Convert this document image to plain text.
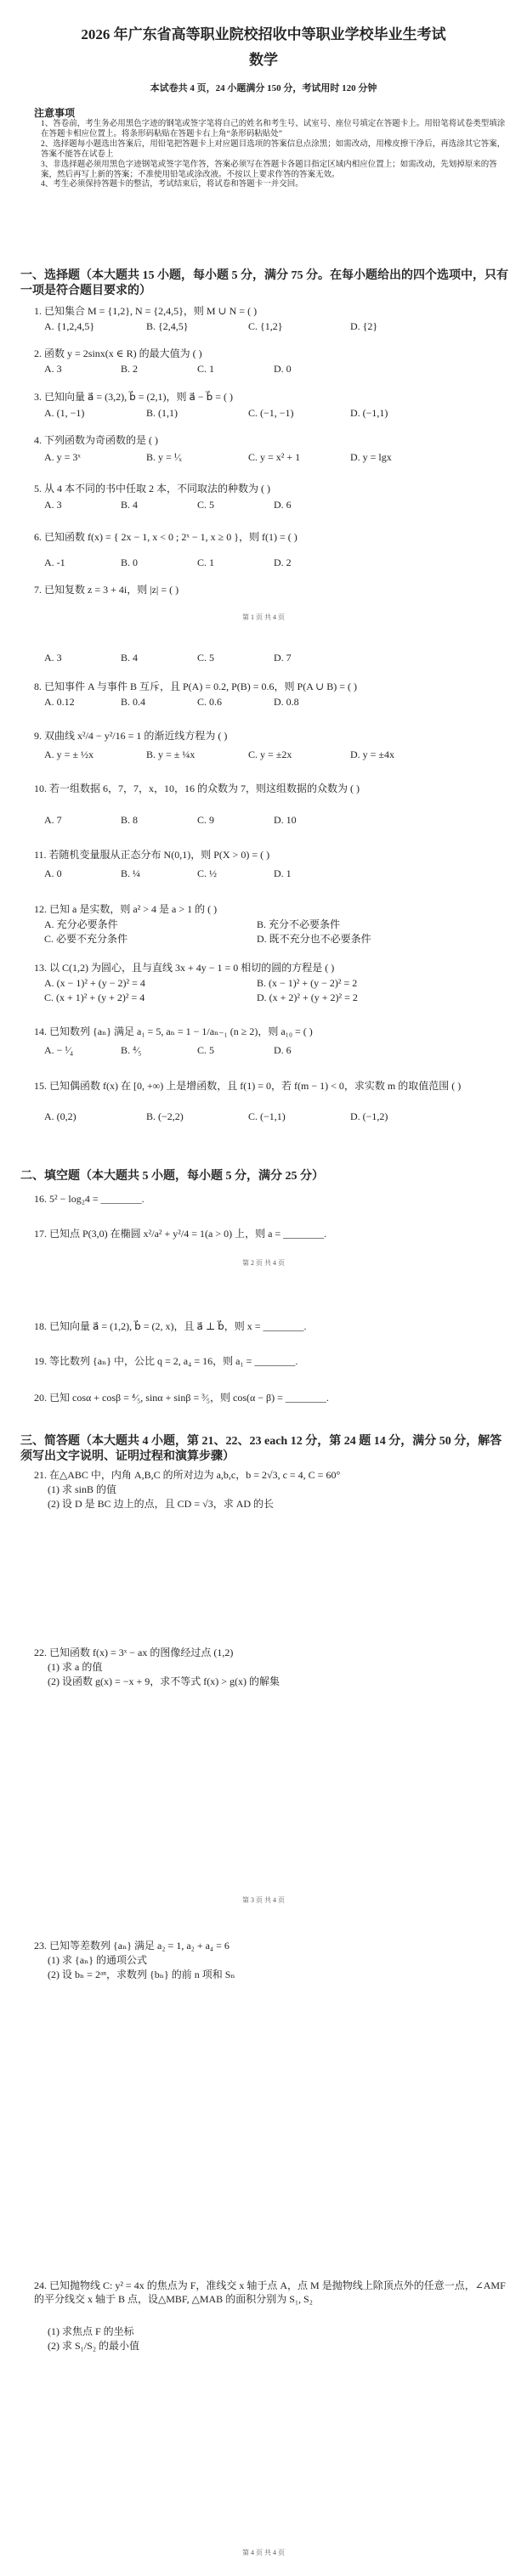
2026 年广东省高等职业院校招收中等职业学校毕业生考试
数学
本试卷共 4 页，24 小题满分 150 分，考试用时 120 分钟
注意事项
1、答卷前，考生务必用黑色字迹的钢笔或签字笔将自己的姓名和考生号、试室号、座位号填定在答题卡上。用铅笔将试卷类型填涂在答题卡相应位置上。将条形码粘贴在答题卡右上角“条形码粘贴处”
2、选择题每小题选出答案后，用铅笔把答题卡上对应题目选项的答案信息点涂黑；如需改动，用橡皮擦干净后，再选涂其它答案，答案不能答在试卷上
3、非选择题必须用黑色字迹钢笔或签字笔作答，答案必须写在答题卡各题目指定区域内相应位置上；如需改动，先划掉原来的答案，然后再写上新的答案；不准使用铅笔或涂改液。不按以上要求作答的答案无效。
4、考生必须保持答题卡的整洁，考试结束后，将试卷和答题卡一并交回。
一、选择题（本大题共 15 小题，每小题 5 分，满分 75 分。在每小题给出的四个选项中，只有一项是符合题目要求的）
1. 已知集合 M = {1,2}, N = {2,4,5}，则 M ∪ N = ( )
A. {1,2,4,5}	B. {2,4,5}	C. {1,2}	D. {2}
2. 函数 y = 2sinx(x ∈ R) 的最大值为 ( )
A. 3	B. 2	C. 1	D. 0
3. 已知向量 a⃗ = (3,2), b⃗ = (2,1)，则 a⃗ − b⃗ = ( )
A. (1, −1)	B. (1,1)	C. (−1, −1)	D. (−1,1)
4. 下列函数为奇函数的是 ( )
A. y = 3ˣ	B. y = ¹⁄ₓ	C. y = x² + 1	D. y = lgx
5. 从 4 本不同的书中任取 2 本，不同取法的种数为 ( )
A. 3	B. 4	C. 5	D. 6
6. 已知函数 f(x) = { 2x − 1, x < 0 ; 2ˣ − 1, x ≥ 0 }，则 f(1) = ( )
A. -1	B. 0	C. 1	D. 2
7. 已知复数 z = 3 + 4i，则 |z| = ( )
第 1 页 共 4 页
A. 3	B. 4	C. 5	D. 7
8. 已知事件 A 与事件 B 互斥，且 P(A) = 0.2, P(B) = 0.6，则 P(A ∪ B) = ( )
A. 0.12	B. 0.4	C. 0.6	D. 0.8
9. 双曲线 x²/4 − y²/16 = 1 的渐近线方程为 ( )
A. y = ± ½x	B. y = ± ¼x	C. y = ±2x	D. y = ±4x
10. 若一组数据 6，7，7，x，10，16 的众数为 7，则这组数据的众数为 ( )
A. 7	B. 8	C. 9	D. 10
11. 若随机变量服从正态分布 N(0,1)，则 P(X > 0) = ( )
A. 0	B. ¼	C. ½	D. 1
12. 已知 a 是实数，则 a² > 4 是 a > 1 的 ( )
A. 充分必要条件	B. 充分不必要条件
C. 必要不充分条件	D. 既不充分也不必要条件
13. 以 C(1,2) 为圆心，且与直线 3x + 4y − 1 = 0 相切的圆的方程是 ( )
A. (x − 1)² + (y − 2)² = 4	B. (x − 1)² + (y − 2)² = 2
C. (x + 1)² + (y + 2)² = 4	D. (x + 2)² + (y + 2)² = 2
14. 已知数列 {aₙ} 满足 a₁ = 5, aₙ = 1 − 1/aₙ₋₁ (n ≥ 2)，则 a₁₀ = ( )
A. − ¹⁄₄	B. ⁴⁄₅	C. 5	D. 6
15. 已知偶函数 f(x) 在 [0, +∞) 上是增函数，且 f(1) = 0，若 f(m − 1) < 0，求实数 m 的取值范围 ( )
A. (0,2)	B. (−2,2)	C. (−1,1)	D. (−1,2)
二、填空题（本大题共 5 小题，每小题 5 分，满分 25 分）
16. 5² − log₂4 = ________.
17. 已知点 P(3,0) 在椭圆 x²/a² + y²/4 = 1(a > 0) 上，则 a = ________.
第 2 页 共 4 页
18. 已知向量 a⃗ = (1,2), b⃗ = (2, x)，且 a⃗ ⊥ b⃗，则 x = ________.
19. 等比数列 {aₙ} 中，公比 q = 2, a₄ = 16，则 a₁ = ________.
20. 已知 cosα + cosβ = ⁴⁄₅, sinα + sinβ = ³⁄₅，则 cos(α − β) = ________.
三、简答题（本大题共 4 小题，第 21、22、23 each 12 分，第 24 题 14 分，满分 50 分，解答须写出文字说明、证明过程和演算步骤）
21. 在△ABC 中，内角 A,B,C 的所对边为 a,b,c，b = 2√3, c = 4, C = 60°
(1) 求 sinB 的值
(2) 设 D 是 BC 边上的点，且 CD = √3，求 AD 的长
22. 已知函数 f(x) = 3ˣ − ax 的图像经过点 (1,2)
(1) 求 a 的值
(2) 设函数 g(x) = −x + 9，求不等式 f(x) > g(x) 的解集
第 3 页 共 4 页
23. 已知等差数列 {aₙ} 满足 a₂ = 1, a₂ + a₄ = 6
(1) 求 {aₙ} 的通项公式
(2) 设 bₙ = 2ᵃⁿ，求数列 {bₙ} 的前 n 项和 Sₙ
24. 已知抛物线 C: y² = 4x 的焦点为 F，准线交 x 轴于点 A，点 M 是抛物线上除顶点外的任意一点，∠AMF 的平分线交 x 轴于 B 点，设△MBF, △MAB 的面积分别为 S₁, S₂
(1) 求焦点 F 的坐标
(2) 求 S₁/S₂ 的最小值
第 4 页 共 4 页
